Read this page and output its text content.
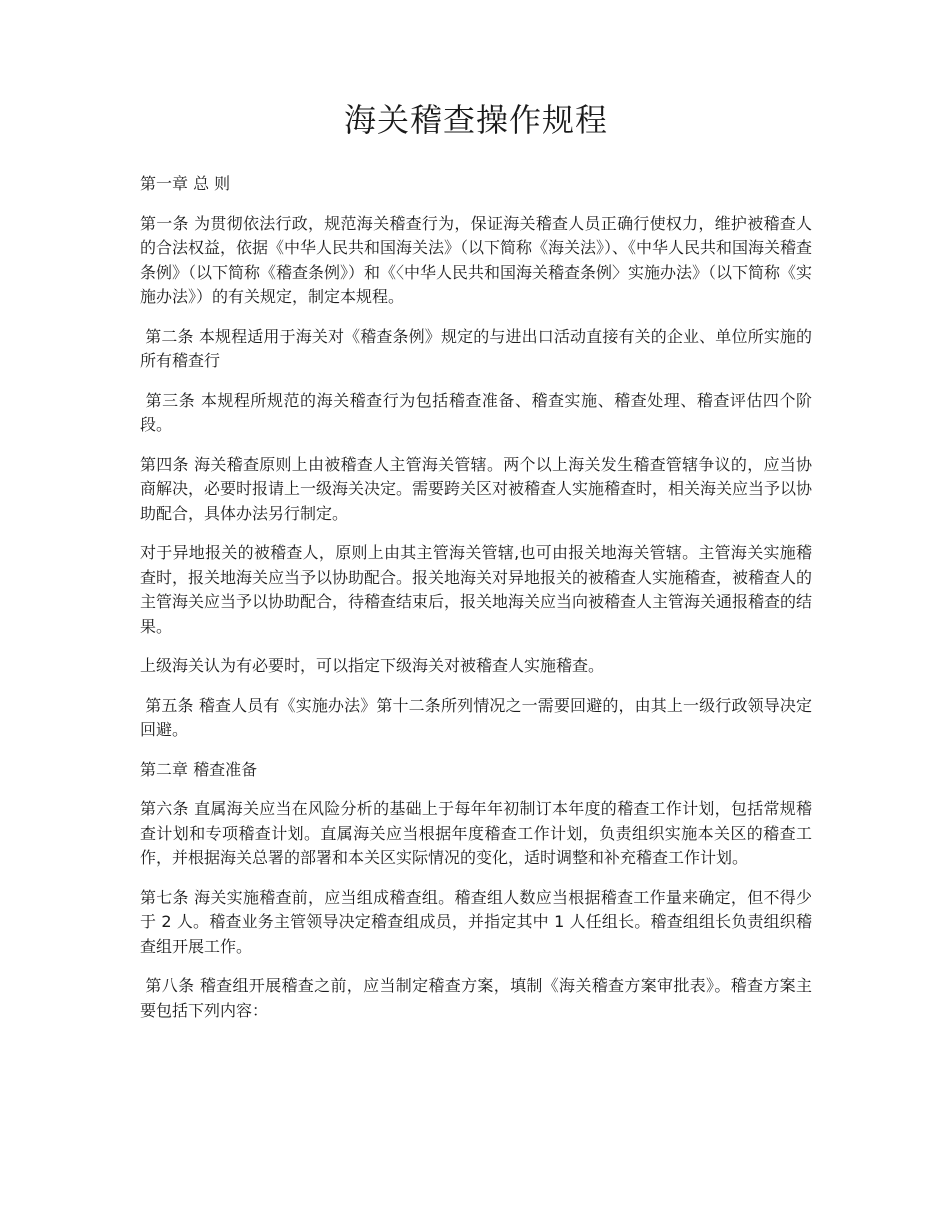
海关稽查操作规程
第一章 总 则

第一条 为贯彻依法行政，规范海关稽查行为，保证海关稽查人员正确行使权力，维护被稽查人的合法权益，依据《中华人民共和国海关法》（以下简称《海关法》）、《中华人民共和国海关稽查条例》（以下简称《稽查条例》）和《〈中华人民共和国海关稽查条例〉实施办法》（以下简称《实施办法》）的有关规定，制定本规程。

第二条 本规程适用于海关对《稽查条例》规定的与进出口活动直接有关的企业、单位所实施的所有稽查行

第三条 本规程所规范的海关稽查行为包括稽查准备、稽查实施、稽查处理、稽查评估四个阶段。

第四条 海关稽查原则上由被稽查人主管海关管辖。两个以上海关发生稽查管辖争议的，应当协商解决，必要时报请上一级海关决定。需要跨关区对被稽查人实施稽查时，相关海关应当予以协助配合，具体办法另行制定。

对于异地报关的被稽查人，原则上由其主管海关管辖,也可由报关地海关管辖。主管海关实施稽查时，报关地海关应当予以协助配合。报关地海关对异地报关的被稽查人实施稽查，被稽查人的主管海关应当予以协助配合，待稽查结束后，报关地海关应当向被稽查人主管海关通报稽查的结果。

上级海关认为有必要时，可以指定下级海关对被稽查人实施稽查。

第五条 稽查人员有《实施办法》第十二条所列情况之一需要回避的，由其上一级行政领导决定回避。

第二章 稽查准备

第六条 直属海关应当在风险分析的基础上于每年年初制订本年度的稽查工作计划，包括常规稽查计划和专项稽查计划。直属海关应当根据年度稽查工作计划，负责组织实施本关区的稽查工作，并根据海关总署的部署和本关区实际情况的变化，适时调整和补充稽查工作计划。

第七条 海关实施稽查前，应当组成稽查组。稽查组人数应当根据稽查工作量来确定，但不得少于 2 人。稽查业务主管领导决定稽查组成员，并指定其中 1 人任组长。稽查组组长负责组织稽查组开展工作。

第八条 稽查组开展稽查之前，应当制定稽查方案，填制《海关稽查方案审批表》。稽查方案主要包括下列内容：
